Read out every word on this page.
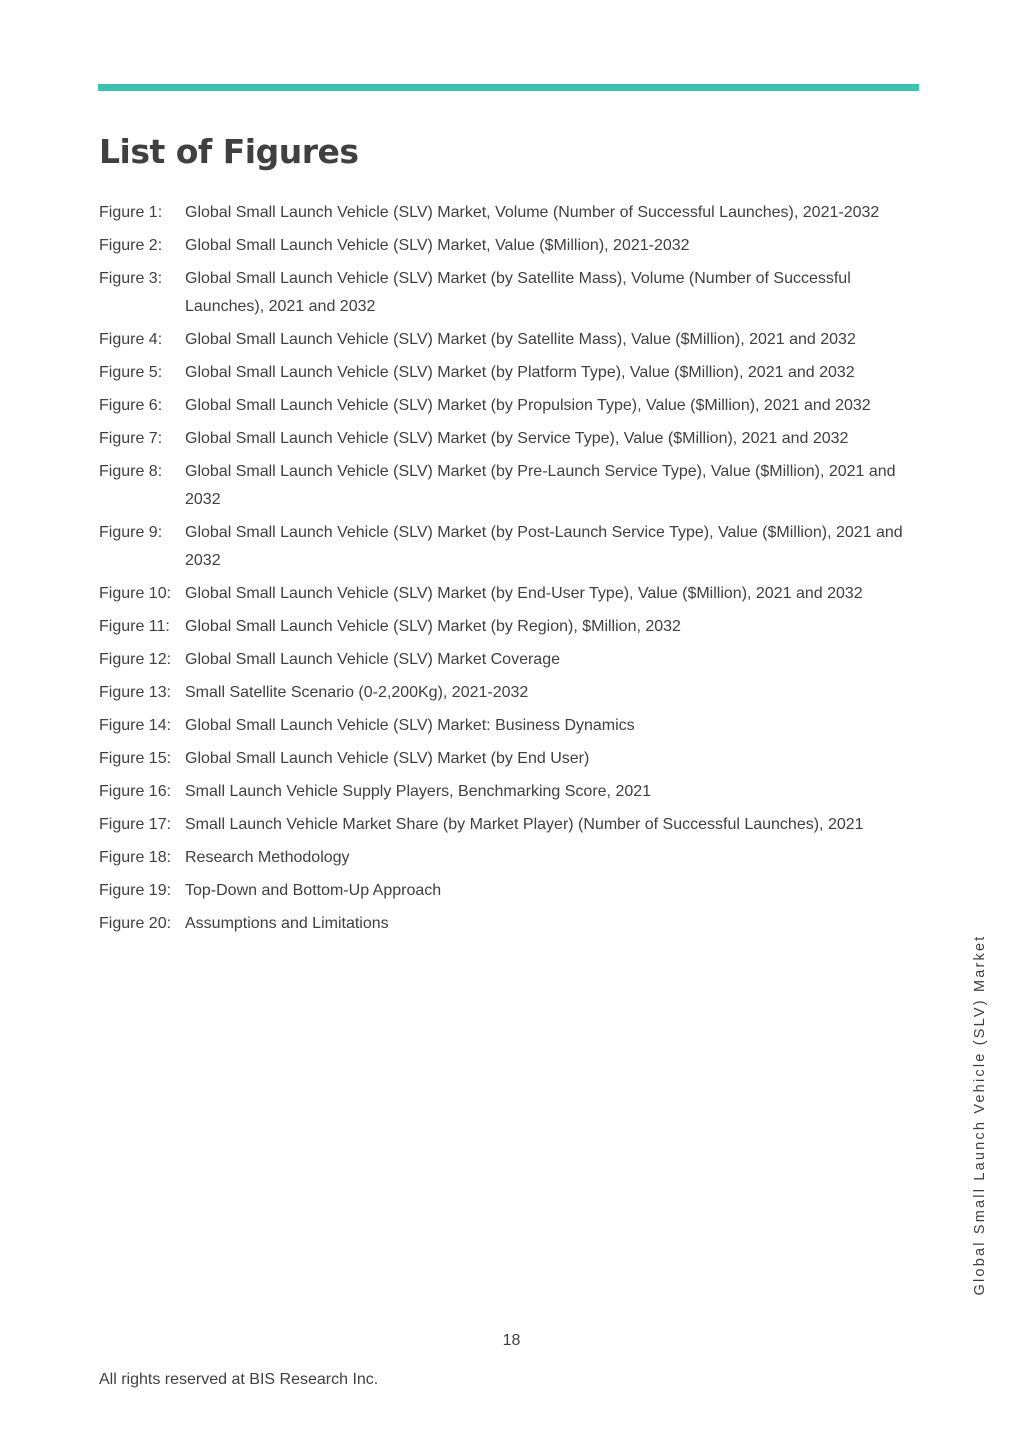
List of Figures
Figure 1:	Global Small Launch Vehicle (SLV) Market, Volume (Number of Successful Launches), 2021-2032
Figure 2:	Global Small Launch Vehicle (SLV) Market, Value ($Million), 2021-2032
Figure 3:	Global Small Launch Vehicle (SLV) Market (by Satellite Mass), Volume (Number of Successful Launches), 2021 and 2032
Figure 4:	Global Small Launch Vehicle (SLV) Market (by Satellite Mass), Value ($Million), 2021 and 2032
Figure 5:	Global Small Launch Vehicle (SLV) Market (by Platform Type), Value ($Million), 2021 and 2032
Figure 6:	Global Small Launch Vehicle (SLV) Market (by Propulsion Type), Value ($Million), 2021 and 2032
Figure 7:	Global Small Launch Vehicle (SLV) Market (by Service Type), Value ($Million), 2021 and 2032
Figure 8:	Global Small Launch Vehicle (SLV) Market (by Pre-Launch Service Type), Value ($Million), 2021 and 2032
Figure 9:	Global Small Launch Vehicle (SLV) Market (by Post-Launch Service Type), Value ($Million), 2021 and 2032
Figure 10: Global Small Launch Vehicle (SLV) Market (by End-User Type), Value ($Million), 2021 and 2032
Figure 11: Global Small Launch Vehicle (SLV) Market (by Region), $Million, 2032
Figure 12: Global Small Launch Vehicle (SLV) Market Coverage
Figure 13: Small Satellite Scenario (0-2,200Kg), 2021-2032
Figure 14: Global Small Launch Vehicle (SLV) Market: Business Dynamics
Figure 15: Global Small Launch Vehicle (SLV) Market (by End User)
Figure 16: Small Launch Vehicle Supply Players, Benchmarking Score, 2021
Figure 17: Small Launch Vehicle Market Share (by Market Player) (Number of Successful Launches), 2021
Figure 18: Research Methodology
Figure 19: Top-Down and Bottom-Up Approach
Figure 20: Assumptions and Limitations
Global Small Launch Vehicle (SLV) Market
18
All rights reserved at BIS Research Inc.
